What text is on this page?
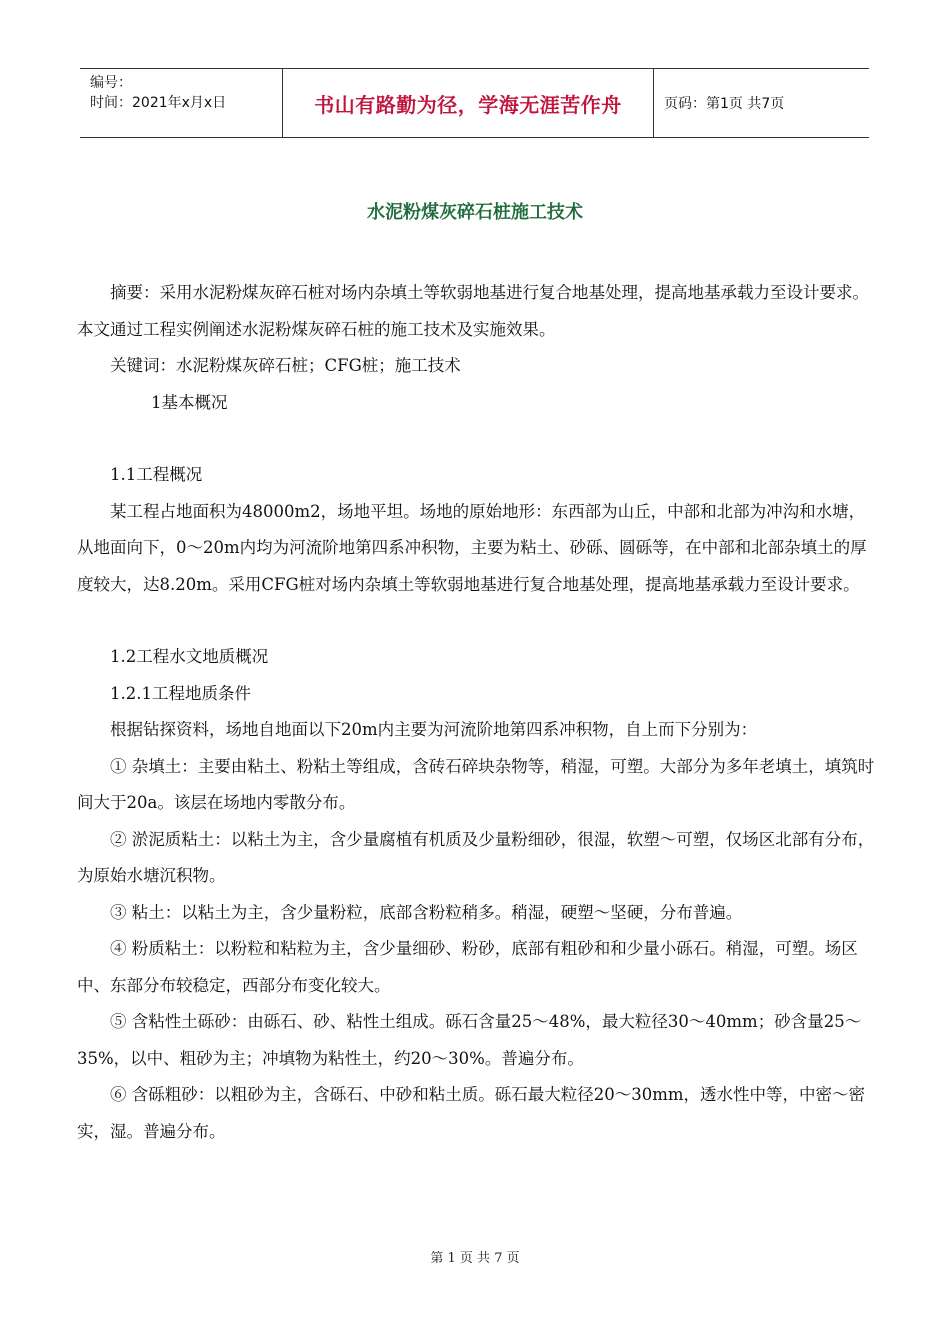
编号：
时间：2021年x月x日	书山有路勤为径，学海无涯苦作舟	页码：第1页 共7页
水泥粉煤灰碎石桩施工技术

摘要：采用水泥粉煤灰碎石桩对场内杂填土等软弱地基进行复合地基处理，提高地基承载力至设计要求。本文通过工程实例阐述水泥粉煤灰碎石桩的施工技术及实施效果。

关键词：水泥粉煤灰碎石桩；CFG桩；施工技术

1基本概况

1.1工程概况

某工程占地面积为48000m2，场地平坦。场地的原始地形：东西部为山丘，中部和北部为冲沟和水塘，从地面向下，0～20m内均为河流阶地第四系冲积物，主要为粘土、砂砾、圆砾等，在中部和北部杂填土的厚度较大，达8.20m。采用CFG桩对场内杂填土等软弱地基进行复合地基处理，提高地基承载力至设计要求。

1.2工程水文地质概况

1.2.1工程地质条件

根据钻探资料，场地自地面以下20m内主要为河流阶地第四系冲积物，自上而下分别为：

① 杂填土：主要由粘土、粉粘土等组成，含砖石碎块杂物等，稍湿，可塑。大部分为多年老填土，填筑时间大于20a。该层在场地内零散分布。

② 淤泥质粘土：以粘土为主，含少量腐植有机质及少量粉细砂，很湿，软塑～可塑，仅场区北部有分布，为原始水塘沉积物。

③ 粘土：以粘土为主，含少量粉粒，底部含粉粒稍多。稍湿，硬塑～坚硬，分布普遍。

④ 粉质粘土：以粉粒和粘粒为主，含少量细砂、粉砂，底部有粗砂和和少量小砾石。稍湿，可塑。场区中、东部分布较稳定，西部分布变化较大。

⑤ 含粘性土砾砂：由砾石、砂、粘性土组成。砾石含量25～48%，最大粒径30～40mm；砂含量25～35%，以中、粗砂为主；冲填物为粘性土，约20～30%。普遍分布。

⑥ 含砾粗砂：以粗砂为主，含砾石、中砂和粘土质。砾石最大粒径20～30mm，透水性中等，中密～密实，湿。普遍分布。

第 1 页 共 7 页
